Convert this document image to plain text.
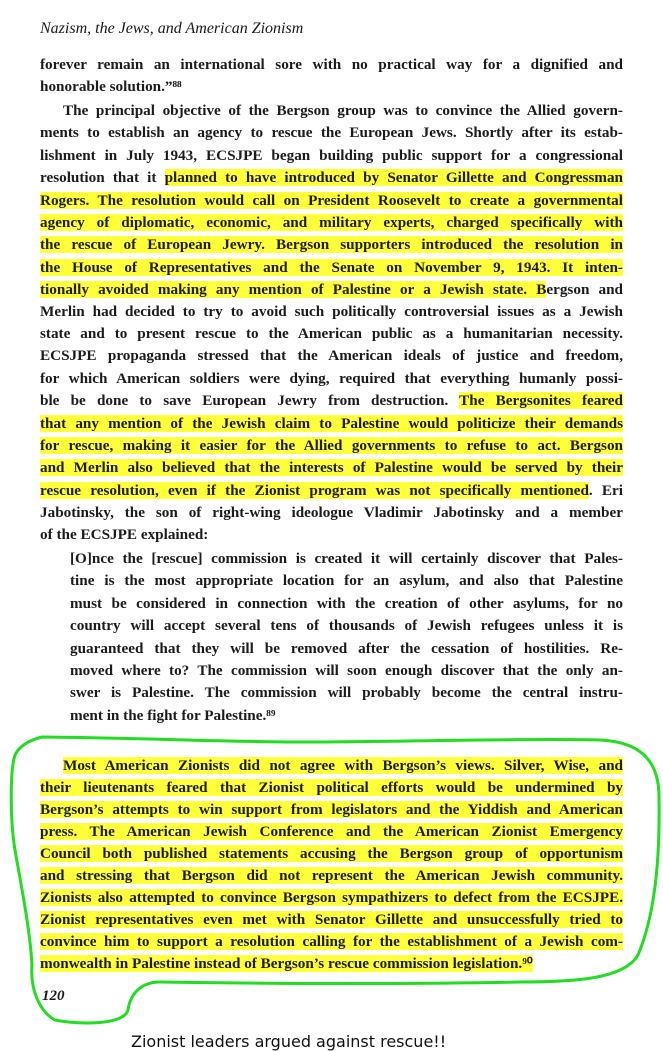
Nazism, the Jews, and American Zionism
forever remain an international sore with no practical way for a dignified and
honorable solution.”⁸⁸
The principal objective of the Bergson group was to convince the Allied govern-
ments to establish an agency to rescue the European Jews. Shortly after its estab-
lishment in July 1943, ECSJPE began building public support for a congressional
resolution that it planned to have introduced by Senator Gillette and Congressman
Rogers. The resolution would call on President Roosevelt to create a governmental
agency of diplomatic, economic, and military experts, charged specifically with
the rescue of European Jewry. Bergson supporters introduced the resolution in
the House of Representatives and the Senate on November 9, 1943. It inten-
tionally avoided making any mention of Palestine or a Jewish state. Bergson and
Merlin had decided to try to avoid such politically controversial issues as a Jewish
state and to present rescue to the American public as a humanitarian necessity.
ECSJPE propaganda stressed that the American ideals of justice and freedom,
for which American soldiers were dying, required that everything humanly possi-
ble be done to save European Jewry from destruction. The Bergsonites feared
that any mention of the Jewish claim to Palestine would politicize their demands
for rescue, making it easier for the Allied governments to refuse to act. Bergson
and Merlin also believed that the interests of Palestine would be served by their
rescue resolution, even if the Zionist program was not specifically mentioned. Eri
Jabotinsky, the son of right-wing ideologue Vladimir Jabotinsky and a member
of the ECSJPE explained:
[O]nce the [rescue] commission is created it will certainly discover that Pales-
tine is the most appropriate location for an asylum, and also that Palestine
must be considered in connection with the creation of other asylums, for no
country will accept several tens of thousands of Jewish refugees unless it is
guaranteed that they will be removed after the cessation of hostilities. Re-
moved where to? The commission will soon enough discover that the only an-
swer is Palestine. The commission will probably become the central instru-
ment in the fight for Palestine.⁸⁹
Most American Zionists did not agree with Bergson’s views. Silver, Wise, and
their lieutenants feared that Zionist political efforts would be undermined by
Bergson’s attempts to win support from legislators and the Yiddish and American
press. The American Jewish Conference and the American Zionist Emergency
Council both published statements accusing the Bergson group of opportunism
and stressing that Bergson did not represent the American Jewish community.
Zionists also attempted to convince Bergson sympathizers to defect from the ECSJPE.
Zionist representatives even met with Senator Gillette and unsuccessfully tried to
convince him to support a resolution calling for the establishment of a Jewish com-
monwealth in Palestine instead of Bergson’s rescue commission legislation.⁹⁰
120
Zionist leaders argued against rescue!!
